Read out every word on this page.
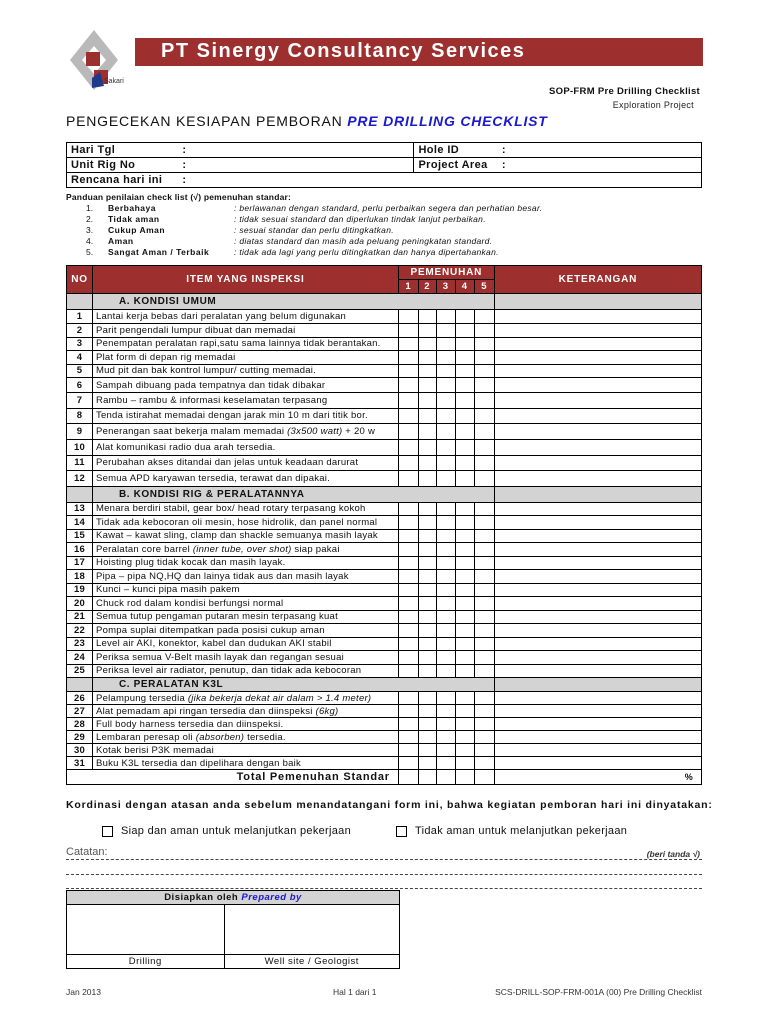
Sakari
PT Sinergy Consultancy Services
SOP-FRM Pre Drilling Checklist
Exploration Project
PENGECEKAN KESIAPAN PEMBORAN PRE DRILLING CHECKLIST
Hari Tgl	:	Hole ID	:
Unit Rig No	:	Project Area	:
Rencana hari ini	:		
Panduan penilaian check list (√) pemenuhan standar:
1. Berbahaya	: berlawanan dengan standard, perlu perbaikan segera dan perhatian besar.
2. Tidak aman	: tidak sesuai standard dan diperlukan tindak lanjut perbaikan.
3. Cukup Aman	: sesuai standar dan perlu ditingkatkan.
4. Aman	: diatas standard dan masih ada peluang peningkatan standard.
5. Sangat Aman / Terbaik	: tidak ada lagi yang perlu ditingkatkan dan hanya dipertahankan.
NO	ITEM YANG INSPEKSI	PEMENUHAN					KETERANGAN
		1	2	3	4	5	
	A. KONDISI UMUM						
1	Lantai kerja bebas dari peralatan yang belum digunakan						
2	Parit pengendali lumpur dibuat dan memadai						
3	Penempatan peralatan rapi,satu sama lainnya tidak berantakan.						
4	Plat form di depan rig memadai						
5	Mud pit dan bak kontrol lumpur/ cutting memadai.						
6	Sampah dibuang pada tempatnya dan tidak dibakar						
7	Rambu – rambu & informasi keselamatan terpasang						
8	Tenda istirahat memadai dengan jarak min 10 m dari titik bor.						
9	Penerangan saat bekerja malam memadai (3x500 watt) + 20 w						
10	Alat komunikasi radio dua arah tersedia.						
11	Perubahan akses ditandai dan jelas untuk keadaan darurat						
12	Semua APD karyawan tersedia, terawat dan dipakai.						
	B. KONDISI RIG & PERALATANNYA						
13	Menara berdiri stabil, gear box/ head rotary terpasang kokoh						
14	Tidak ada kebocoran oli mesin, hose hidrolik, dan panel normal						
15	Kawat – kawat sling, clamp dan shackle semuanya masih layak						
16	Peralatan core barrel (inner tube, over shot) siap pakai						
17	Hoisting plug tidak kocak dan masih layak.						
18	Pipa – pipa NQ,HQ dan lainya tidak aus dan masih layak						
19	Kunci – kunci pipa masih pakem						
20	Chuck rod dalam kondisi berfungsi normal						
21	Semua tutup pengaman putaran mesin terpasang kuat						
22	Pompa suplai ditempatkan pada posisi cukup aman						
23	Level air AKI, konektor, kabel dan dudukan AKI stabil						
24	Periksa semua V-Belt masih layak dan regangan sesuai						
25	Periksa level air radiator, penutup, dan tidak ada kebocoran						
	C. PERALATAN K3L						
26	Pelampung tersedia (jika bekerja dekat air dalam > 1.4 meter)						
27	Alat pemadam api ringan tersedia dan diinspeksi (6kg)						
28	Full body harness tersedia dan diinspeksi.						
29	Lembaran peresap oli (absorben) tersedia.						
30	Kotak berisi P3K memadai						
31	Buku K3L tersedia dan dipelihara dengan baik						
Total Pemenuhan Standar							%
Kordinasi dengan atasan anda sebelum menandatangani form ini, bahwa kegiatan pemboran hari ini dinyatakan:
Siap dan aman untuk melanjutkan pekerjaan	Tidak aman untuk melanjutkan pekerjaan
Catatan:	(beri tanda √)
Disiapkan oleh Prepared by	

Drilling	Well site / Geologist
Jan 2013	Hal 1 dari 1	SCS-DRILL-SOP-FRM-001A (00) Pre Drilling Checklist
